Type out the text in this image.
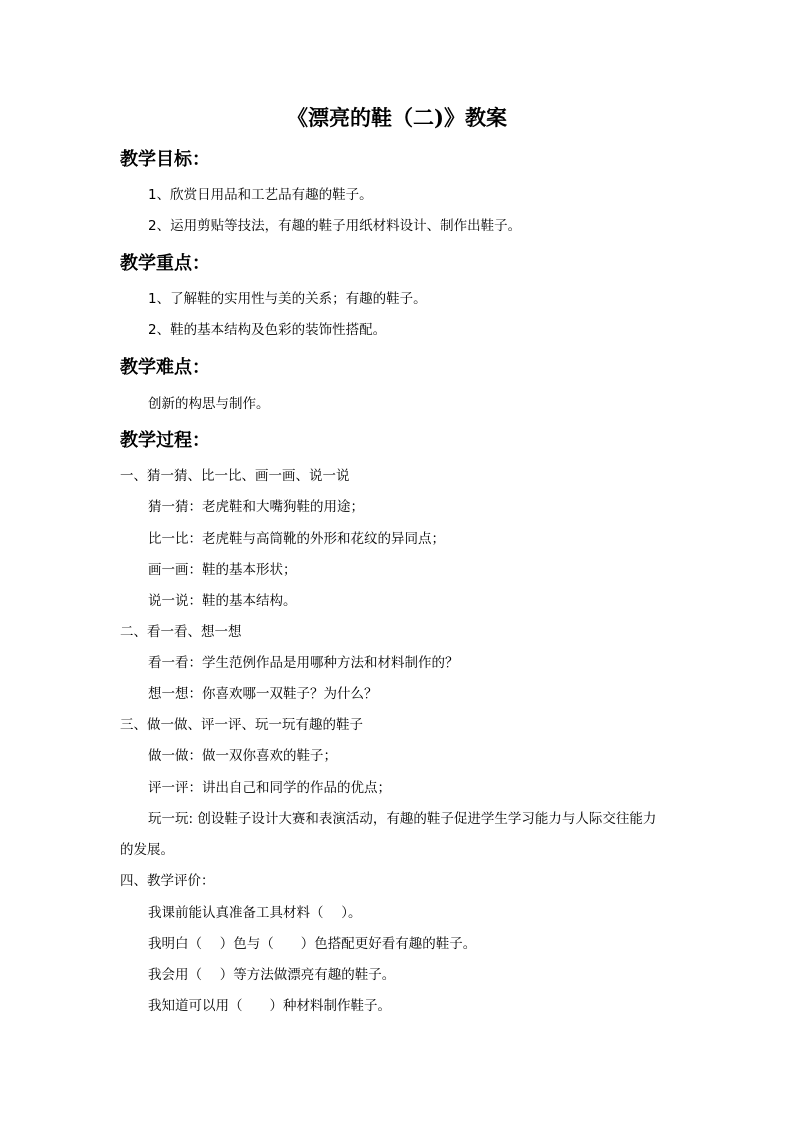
《漂亮的鞋（二)》教案
教学目标：
1、欣赏日用品和工艺品有趣的鞋子。
2、运用剪贴等技法，有趣的鞋子用纸材料设计、制作出鞋子。
教学重点：
1、了解鞋的实用性与美的关系；有趣的鞋子。
2、鞋的基本结构及色彩的装饰性搭配。
教学难点：
创新的构思与制作。
教学过程：
一、猜一猜、比一比、画一画、说一说
猜一猜：老虎鞋和大嘴狗鞋的用途；
比一比：老虎鞋与高筒靴的外形和花纹的异同点；
画一画：鞋的基本形状；
说一说：鞋的基本结构。
二、看一看、想一想
看一看：学生范例作品是用哪种方法和材料制作的？
想一想：你喜欢哪一双鞋子？为什么？
三、做一做、评一评、玩一玩有趣的鞋子
做一做：做一双你喜欢的鞋子；
评一评：讲出自己和同学的作品的优点；
玩一玩: 创设鞋子设计大赛和表演活动，有趣的鞋子促进学生学习能力与人际交往能力
的发展。
四、教学评价：
我课前能认真准备工具材料（　 ）。
我明白（　 ）色与（　　）色搭配更好看有趣的鞋子。
我会用（　 ）等方法做漂亮有趣的鞋子。
我知道可以用（　　）种材料制作鞋子。
